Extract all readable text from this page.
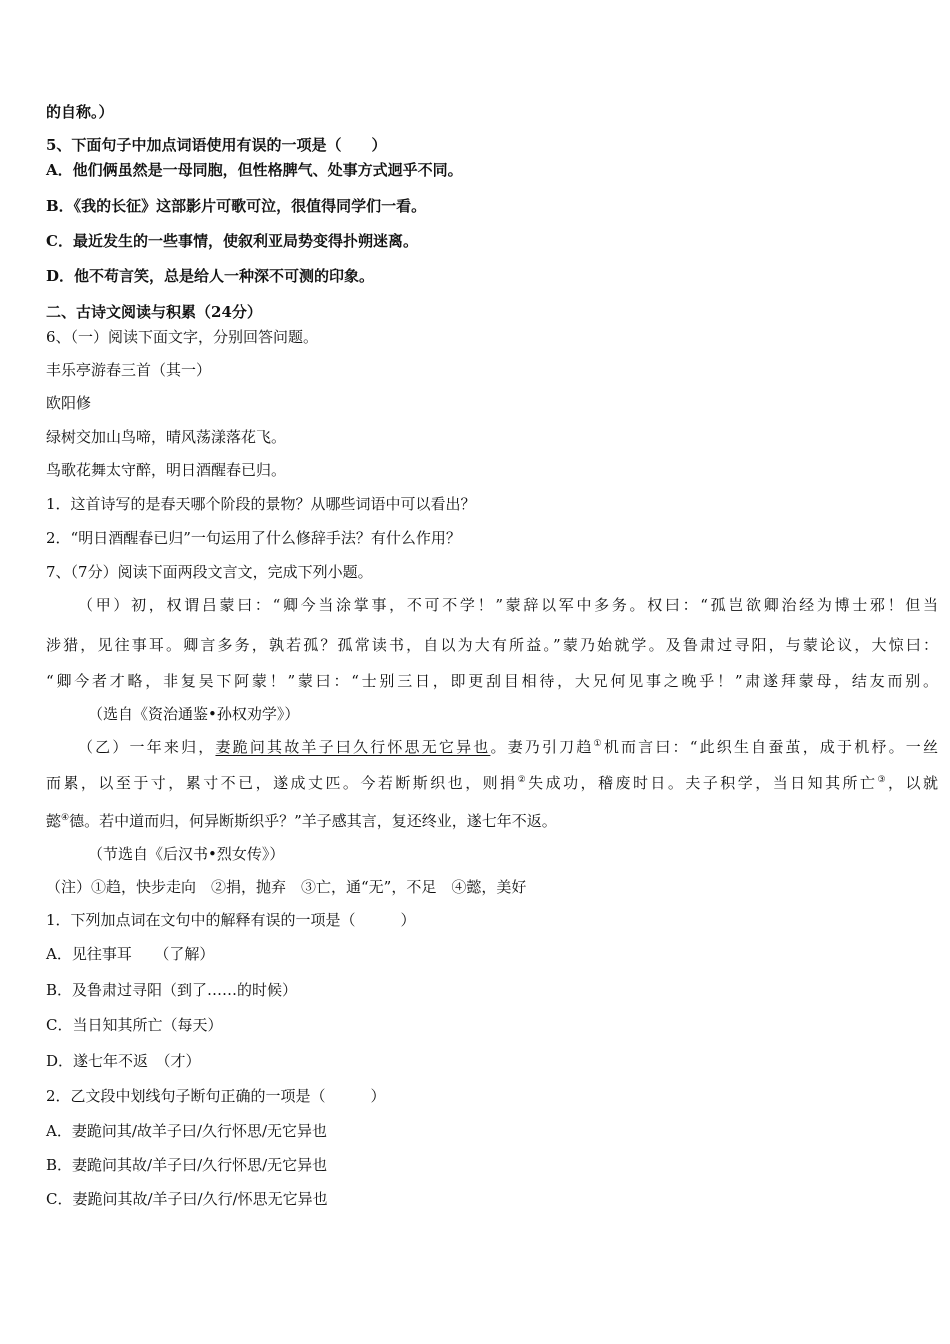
的自称。）
5、下面句子中加点词语使用有误的一项是（　　）
A．他们俩虽然是一母同胞，但性格脾气、处事方式迥乎不同。
B．《我的长征》这部影片可歌可泣，很值得同学们一看。
C．最近发生的一些事情，使叙利亚局势变得扑朔迷离。
D．他不苟言笑，总是给人一种深不可测的印象。
二、古诗文阅读与积累（24分）
6、（一）阅读下面文字，分别回答问题。
丰乐亭游春三首（其一）
欧阳修
绿树交加山鸟啼，晴风荡漾落花飞。
鸟歌花舞太守醉，明日酒醒春已归。
1．这首诗写的是春天哪个阶段的景物？从哪些词语中可以看出？
2．“明日酒醒春已归”一句运用了什么修辞手法？有什么作用？
7、（7分）阅读下面两段文言文，完成下列小题。
（甲）初，权谓吕蒙曰：“卿今当涂掌事，不可不学！”蒙辞以军中多务。权曰：“孤岂欲卿治经为博士邪！但当
涉猎，见往事耳。卿言多务，孰若孤？孤常读书，自以为大有所益。”蒙乃始就学。及鲁肃过寻阳，与蒙论议，大惊曰：
“卿今者才略，非复吴下阿蒙！”蒙曰：“士别三日，即更刮目相待，大兄何见事之晚乎！”肃遂拜蒙母，结友而别。
（选自《资治通鉴•孙权劝学》）
（乙）一年来归，妻跪问其故羊子曰久行怀思无它异也。妻乃引刀趋①机而言曰：“此织生自蚕茧，成于机杼。一丝
而累，以至于寸，累寸不已，遂成丈匹。今若断斯织也，则捐②失成功，稽废时日。夫子积学，当日知其所亡③，以就
懿④德。若中道而归，何异断斯织乎？”羊子感其言，复还终业，遂七年不返。
（节选自《后汉书•烈女传》）
（注）①趋，快步走向　②捐，抛弃　③亡，通“无”，不足　④懿，美好
1．下列加点词在文句中的解释有误的一项是（　　　）
A．见往事耳　　（了解）
B．及鲁肃过寻阳（到了……的时候）
C．当日知其所亡（每天）
D．遂七年不返　（才）
2．乙文段中划线句子断句正确的一项是（　　　）
A．妻跪问其/故羊子曰/久行怀思/无它异也
B．妻跪问其故/羊子曰/久行怀思/无它异也
C．妻跪问其故/羊子曰/久行/怀思无它异也
